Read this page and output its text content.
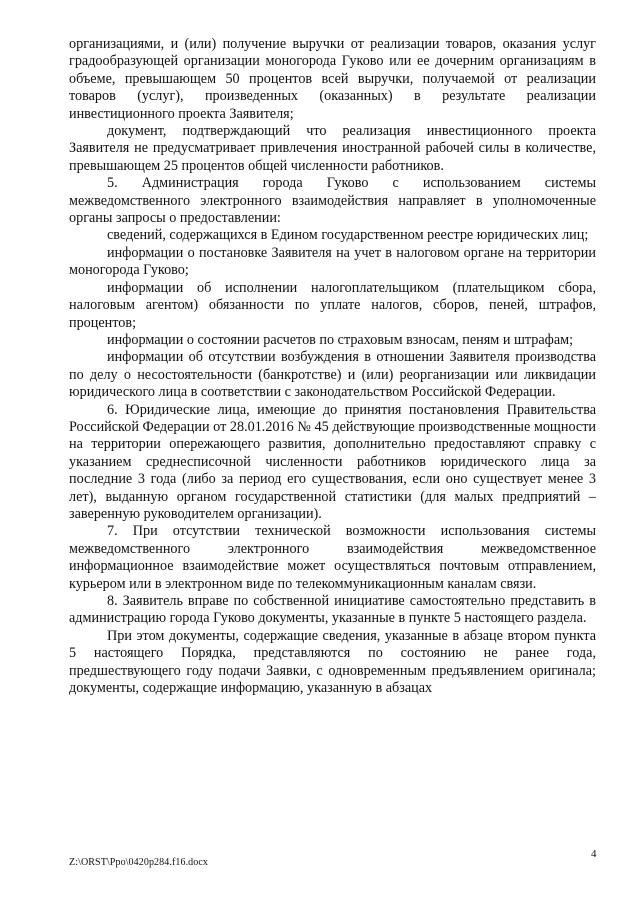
организациями, и (или) получение выручки от реализации товаров, оказания услуг градообразующей организации моногорода Гуково или ее дочерним организациям в объеме, превышающем 50 процентов всей выручки, получаемой от реализации товаров (услуг), произведенных (оказанных) в результате реализации инвестиционного проекта Заявителя;

документ, подтверждающий что реализация инвестиционного проекта Заявителя не предусматривает привлечения иностранной рабочей силы в количестве, превышающем 25 процентов общей численности работников.

5. Администрация города Гуково с использованием системы межведомственного электронного взаимодействия направляет в уполномоченные органы запросы о предоставлении:

сведений, содержащихся в Едином государственном реестре юридических лиц;

информации о постановке Заявителя на учет в налоговом органе на территории моногорода Гуково;

информации об исполнении налогоплательщиком (плательщиком сбора, налоговым агентом) обязанности по уплате налогов, сборов, пеней, штрафов, процентов;

информации о состоянии расчетов по страховым взносам, пеням и штрафам;

информации об отсутствии возбуждения в отношении Заявителя производства по делу о несостоятельности (банкротстве) и (или) реорганизации или ликвидации юридического лица в соответствии с законодательством Российской Федерации.

6. Юридические лица, имеющие до принятия постановления Правительства Российской Федерации от 28.01.2016 № 45 действующие производственные мощности на территории опережающего развития, дополнительно предоставляют справку с указанием среднесписочной численности работников юридического лица за последние 3 года (либо за период его существования, если оно существует менее 3 лет), выданную органом государственной статистики (для малых предприятий – заверенную руководителем организации).

7. При отсутствии технической возможности использования системы межведомственного электронного взаимодействия межведомственное информационное взаимодействие может осуществляться почтовым отправлением, курьером или в электронном виде по телекоммуникационным каналам связи.

8. Заявитель вправе по собственной инициативе самостоятельно представить в администрацию города Гуково документы, указанные в пункте 5 настоящего раздела.

При этом документы, содержащие сведения, указанные в абзаце втором пункта 5 настоящего Порядка, представляются по состоянию не ранее года, предшествующего году подачи Заявки, с одновременным предъявлением оригинала; документы, содержащие информацию, указанную в абзацах

4
Z:\ORST\Ppo\0420p284.f16.docx
